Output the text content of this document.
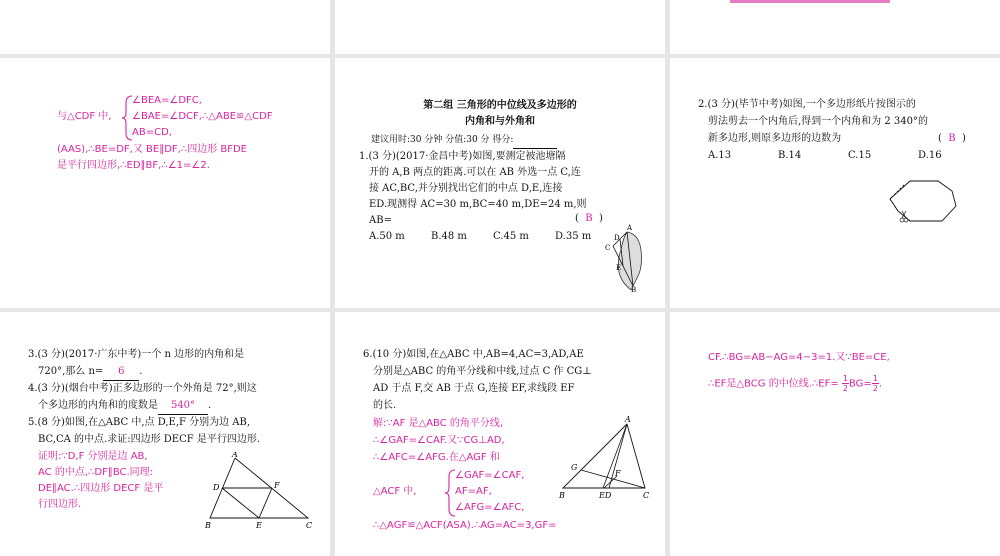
与△CDF 中,
∠BEA=∠DFC,
∠BAE=∠DCF,∴△ABE≌△CDF
AB=CD,
(AAS),∴BE=DF,又 BE∥DF,∴四边形 BFDE
是平行四边形,∴ED∥BF,∴∠1=∠2.
第二组 三角形的中位线及多边形的
内角和与外角和
建议用时:30 分钟 分值:30 分 得分:
1.(3 分)(2017·金昌中考)如图,要测定被池塘隔
开的 A,B 两点的距离.可以在 AB 外选一点 C,连
接 AC,BC,并分别找出它们的中点 D,E,连接
ED.现测得 AC=30 m,BC=40 m,DE=24 m,则
AB=	(  B  )
A.50 m	B.48 m	C.45 m	D.35 m
A
D
C
E
B
2.(3 分)(毕节中考)如图,一个多边形纸片按图示的
剪法剪去一个内角后,得到一个内角和为 2 340°的
新多边形,则原多边形的边数为	(  B  )
A.13	B.14	C.15	D.16
3.(3 分)(2017·广东中考)一个 n 边形的内角和是
720°,那么 n= 6 .
4.(3 分)(烟台中考)正多边形的一个外角是 72°,则这
个多边形的内角和的度数是 540° .
5.(8 分)如图,在△ABC 中,点 D,E,F 分别为边 AB,
BC,CA 的中点.求证:四边形 DECF 是平行四边形.
证明:∵D,F 分别是边 AB,
AC 的中点,∴DF∥BC.同理:
DE∥AC.∴四边形 DECF 是平
行四边形.
A
D	F
B	E	C
6.(10 分)如图,在△ABC 中,AB=4,AC=3,AD,AE
分别是△ABC 的角平分线和中线,过点 C 作 CG⊥
AD 于点 F,交 AB 于点 G,连接 EF,求线段 EF
的长.
解:∵AF 是△ABC 的角平分线,
∴∠GAF=∠CAF.又∵CG⊥AD,
∴∠AFC=∠AFG.在△AGF 和
△ACF 中,
∠GAF=∠CAF,
AF=AF,
∠AFG=∠AFC,
∴△AGF≌△ACF(ASA).∴AG=AC=3,GF=
A
G
F
B	ED	C
CF.∴BG=AB−AG=4−3=1.又∵BE=CE,
∴EF是△BCG 的中位线.∴EF= $\frac{1}{2} BG= \frac{1}{2}$ .
